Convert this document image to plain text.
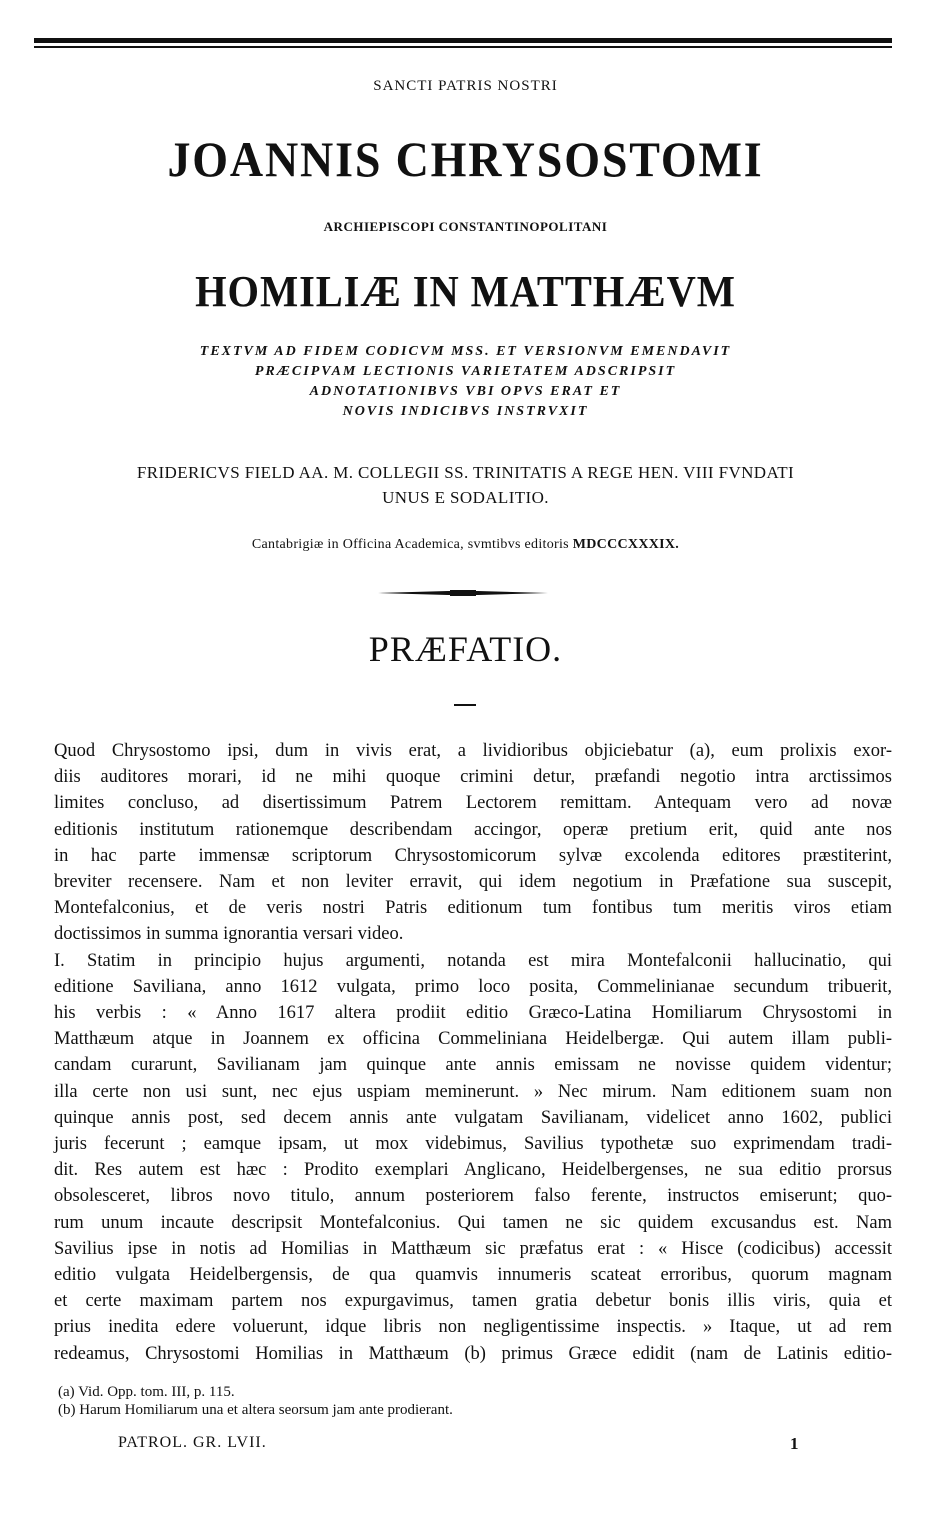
SANCTI PATRIS NOSTRI
JOANNIS CHRYSOSTOMI
ARCHIEPISCOPI CONSTANTINOPOLITANI
HOMILIÆ IN MATTHÆVM
TEXTVM AD FIDEM CODICVM MSS. ET VERSIONVM EMENDAVIT
PRÆCIPVAM LECTIONIS VARIETATEM ADSCRIPSIT
ADNOTATIONIBVS VBI OPVS ERAT ET
NOVIS INDICIBVS INSTRVXIT
FRIDERICVS FIELD AA. M. COLLEGII SS. TRINITATIS A REGE HEN. VIII FVNDATI
UNUS E SODALITIO.
Cantabrigiæ in Officina Academica, svmtibvs editoris MDCCCXXXIX.
PRÆFATIO.
Quod Chrysostomo ipsi, dum in vivis erat, a lividioribus objiciebatur (a), eum prolixis exor-
diis auditores morari, id ne mihi quoque crimini detur, præfandi negotio intra arctissimos
limites concluso, ad disertissimum Patrem Lectorem remittam. Antequam vero ad novæ
editionis institutum rationemque describendam accingor, operæ pretium erit, quid ante nos
in hac parte immensæ scriptorum Chrysostomicorum sylvæ excolenda editores præstiterint,
breviter recensere. Nam et non leviter erravit, qui idem negotium in Præfatione sua suscepit,
Montefalconius, et de veris nostri Patris editionum tum fontibus tum meritis viros etiam
doctissimos in summa ignorantia versari video.
I. Statim in principio hujus argumenti, notanda est mira Montefalconii hallucinatio, qui
editione Saviliana, anno 1612 vulgata, primo loco posita, Commelinianae secundum tribuerit,
his verbis : « Anno 1617 altera prodiit editio Græco-Latina Homiliarum Chrysostomi in
Matthæum atque in Joannem ex officina Commeliniana Heidelbergæ. Qui autem illam publi-
candam curarunt, Savilianam jam quinque ante annis emissam ne novisse quidem videntur;
illa certe non usi sunt, nec ejus uspiam meminerunt. » Nec mirum. Nam editionem suam non
quinque annis post, sed decem annis ante vulgatam Savilianam, videlicet anno 1602, publici
juris fecerunt ; eamque ipsam, ut mox videbimus, Savilius typothetæ suo exprimendam tradi-
dit. Res autem est hæc : Prodito exemplari Anglicano, Heidelbergenses, ne sua editio prorsus
obsolesceret, libros novo titulo, annum posteriorem falso ferente, instructos emiserunt; quo-
rum unum incaute descripsit Montefalconius. Qui tamen ne sic quidem excusandus est. Nam
Savilius ipse in notis ad Homilias in Matthæum sic præfatus erat : « Hisce (codicibus) accessit
editio vulgata Heidelbergensis, de qua quamvis innumeris scateat erroribus, quorum magnam
et certe maximam partem nos expurgavimus, tamen gratia debetur bonis illis viris, quia et
prius inedita edere voluerunt, idque libris non negligentissime inspectis. » Itaque, ut ad rem
redeamus, Chrysostomi Homilias in Matthæum (b) primus Græce edidit (nam de Latinis editio-
(a) Vid. Opp. tom. III, p. 115.
(b) Harum Homiliarum una et altera seorsum jam ante prodierant.
PATROL. GR. LVII.	1
